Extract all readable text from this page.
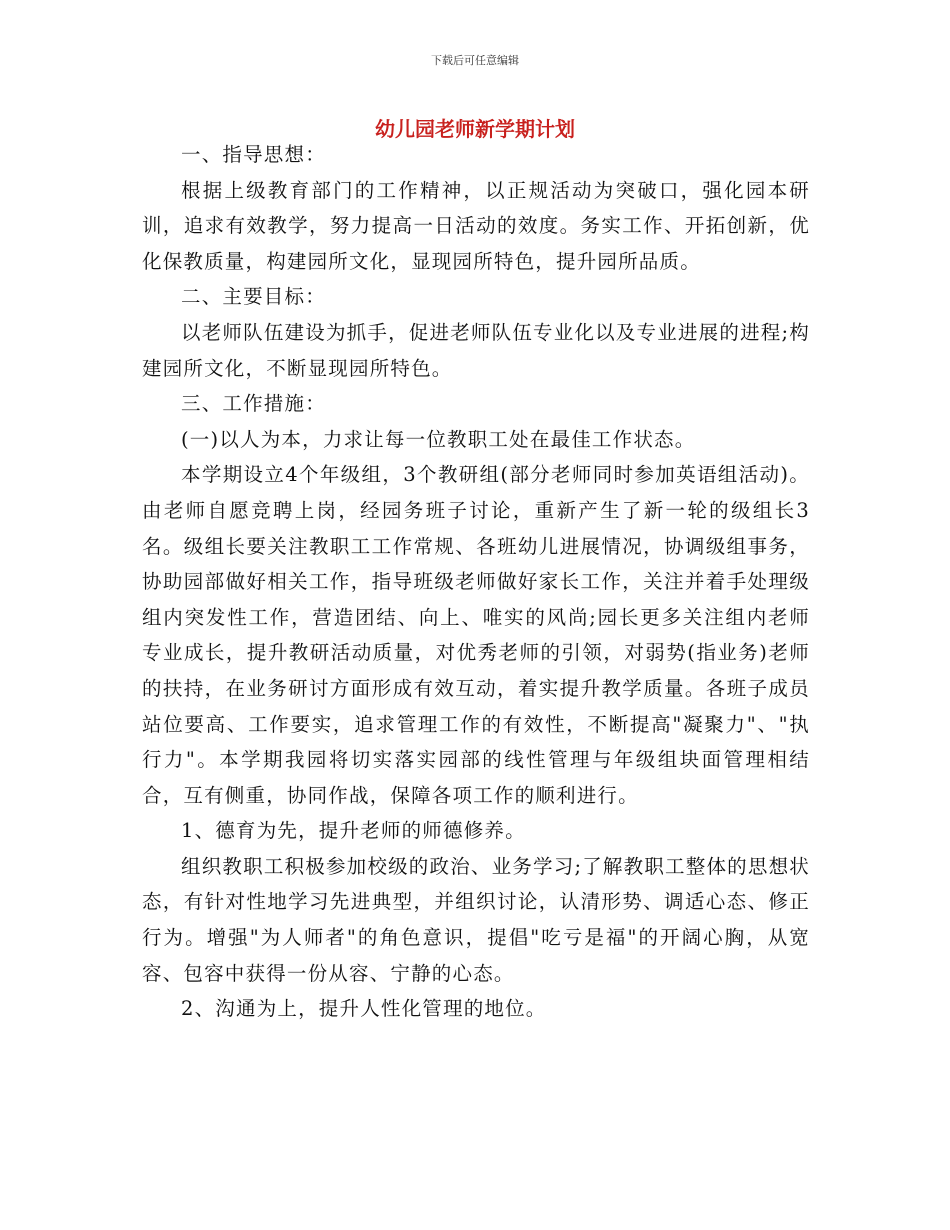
下载后可任意编辑
幼儿园老师新学期计划

一、指导思想：

根据上级教育部门的工作精神，以正规活动为突破口，强化园本研训，追求有效教学，努力提高一日活动的效度。务实工作、开拓创新，优化保教质量，构建园所文化，显现园所特色，提升园所品质。

二、主要目标：

以老师队伍建设为抓手，促进老师队伍专业化以及专业进展的进程;构建园所文化，不断显现园所特色。

三、工作措施：

(一)以人为本，力求让每一位教职工处在最佳工作状态。

本学期设立4个年级组，3个教研组(部分老师同时参加英语组活动)。由老师自愿竞聘上岗，经园务班子讨论，重新产生了新一轮的级组长3名。级组长要关注教职工工作常规、各班幼儿进展情况，协调级组事务，协助园部做好相关工作，指导班级老师做好家长工作，关注并着手处理级组内突发性工作，营造团结、向上、唯实的风尚;园长更多关注组内老师专业成长，提升教研活动质量，对优秀老师的引领，对弱势(指业务)老师的扶持，在业务研讨方面形成有效互动，着实提升教学质量。各班子成员站位要高、工作要实，追求管理工作的有效性，不断提高"凝聚力"、"执行力"。本学期我园将切实落实园部的线性管理与年级组块面管理相结合，互有侧重，协同作战，保障各项工作的顺利进行。

1、德育为先，提升老师的师德修养。

组织教职工积极参加校级的政治、业务学习;了解教职工整体的思想状态，有针对性地学习先进典型，并组织讨论，认清形势、调适心态、修正行为。增强"为人师者"的角色意识，提倡"吃亏是福"的开阔心胸，从宽容、包容中获得一份从容、宁静的心态。

2、沟通为上，提升人性化管理的地位。
